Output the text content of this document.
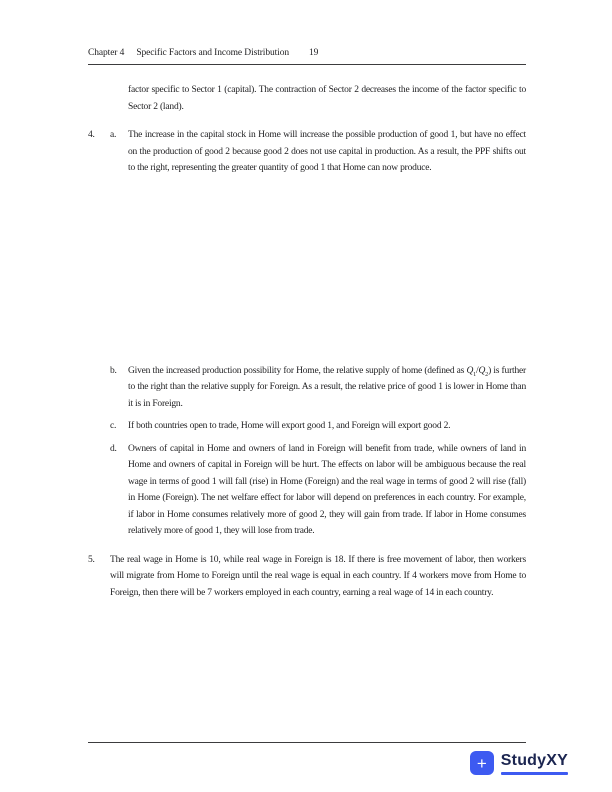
Chapter 4 Specific Factors and Income Distribution 19

factor specific to Sector 1 (capital). The contraction of Sector 2 decreases the income of the factor specific to Sector 2 (land).

4.	a.	The increase in the capital stock in Home will increase the possible production of good 1, but have no effect on the production of good 2 because good 2 does not use capital in production. As a result, the PPF shifts out to the right, representing the greater quantity of good 1 that Home can now produce.
b.	Given the increased production possibility for Home, the relative supply of home (defined as $Q_1/Q_2$) is further to the right than the relative supply for Foreign. As a result, the relative price of good 1 is lower in Home than it is in Foreign.
c.	If both countries open to trade, Home will export good 1, and Foreign will export good 2.
d.	Owners of capital in Home and owners of land in Foreign will benefit from trade, while owners of land in Home and owners of capital in Foreign will be hurt. The effects on labor will be ambiguous because the real wage in terms of good 1 will fall (rise) in Home (Foreign) and the real wage in terms of good 2 will rise (fall) in Home (Foreign). The net welfare effect for labor will depend on preferences in each country. For example, if labor in Home consumes relatively more of good 2, they will gain from trade. If labor in Home consumes relatively more of good 1, they will lose from trade.
5.	The real wage in Home is 10, while real wage in Foreign is 18. If there is free movement of labor, then workers will migrate from Home to Foreign until the real wage is equal in each country. If 4 workers move from Home to Foreign, then there will be 7 workers employed in each country, earning a real wage of 14 in each country.
+ StudyXY
